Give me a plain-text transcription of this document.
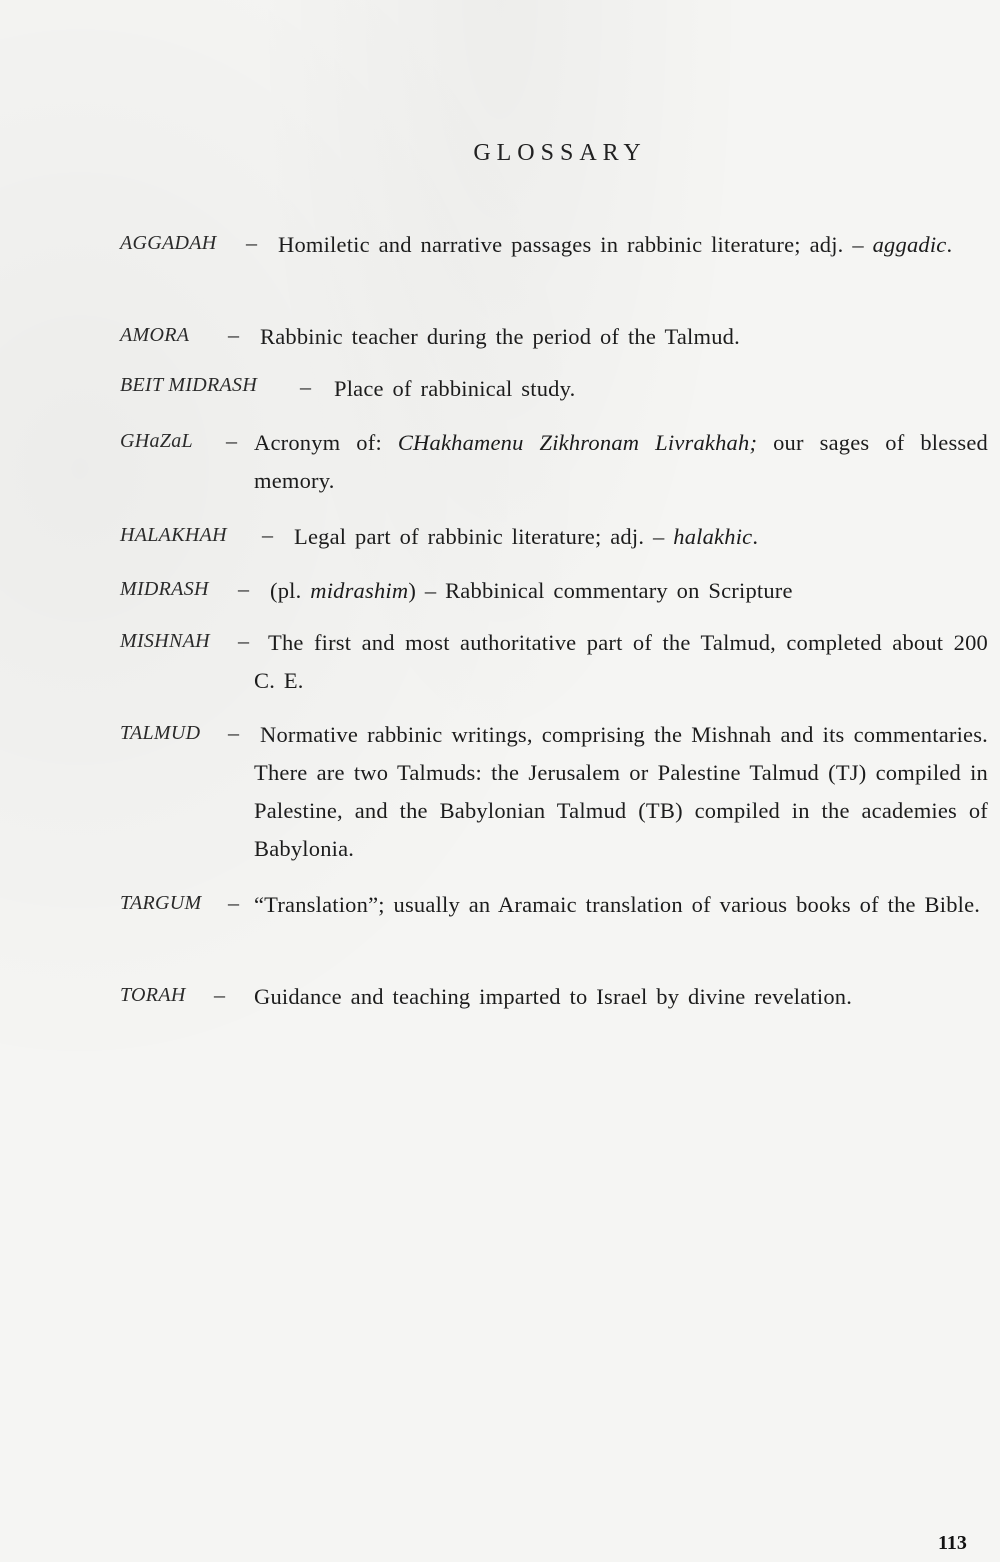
GLOSSARY
AGGADAH – Homiletic and narrative passages in rabbinic literature; adj. – aggadic.
AMORA – Rabbinic teacher during the period of the Talmud.
BEIT MIDRASH – Place of rabbinical study.
GHaZaL – Acronym of: CHakhamenu Zikhronam Livrakhah; our sages of blessed memory.
HALAKHAH – Legal part of rabbinic literature; adj. – halakhic.
MIDRASH – (pl. midrashim) – Rabbinical commentary on Scripture
MISHNAH – The first and most authoritative part of the Talmud, completed about 200 C. E.
TALMUD – Normative rabbinic writings, comprising the Mishnah and its commentaries. There are two Talmuds: the Jerusalem or Palestine Talmud (TJ) compiled in Palestine, and the Babylonian Talmud (TB) compiled in the academies of Babylonia.
TARGUM – “Translation”; usually an Aramaic translation of various books of the Bible.
TORAH – Guidance and teaching imparted to Israel by divine revelation.
113
